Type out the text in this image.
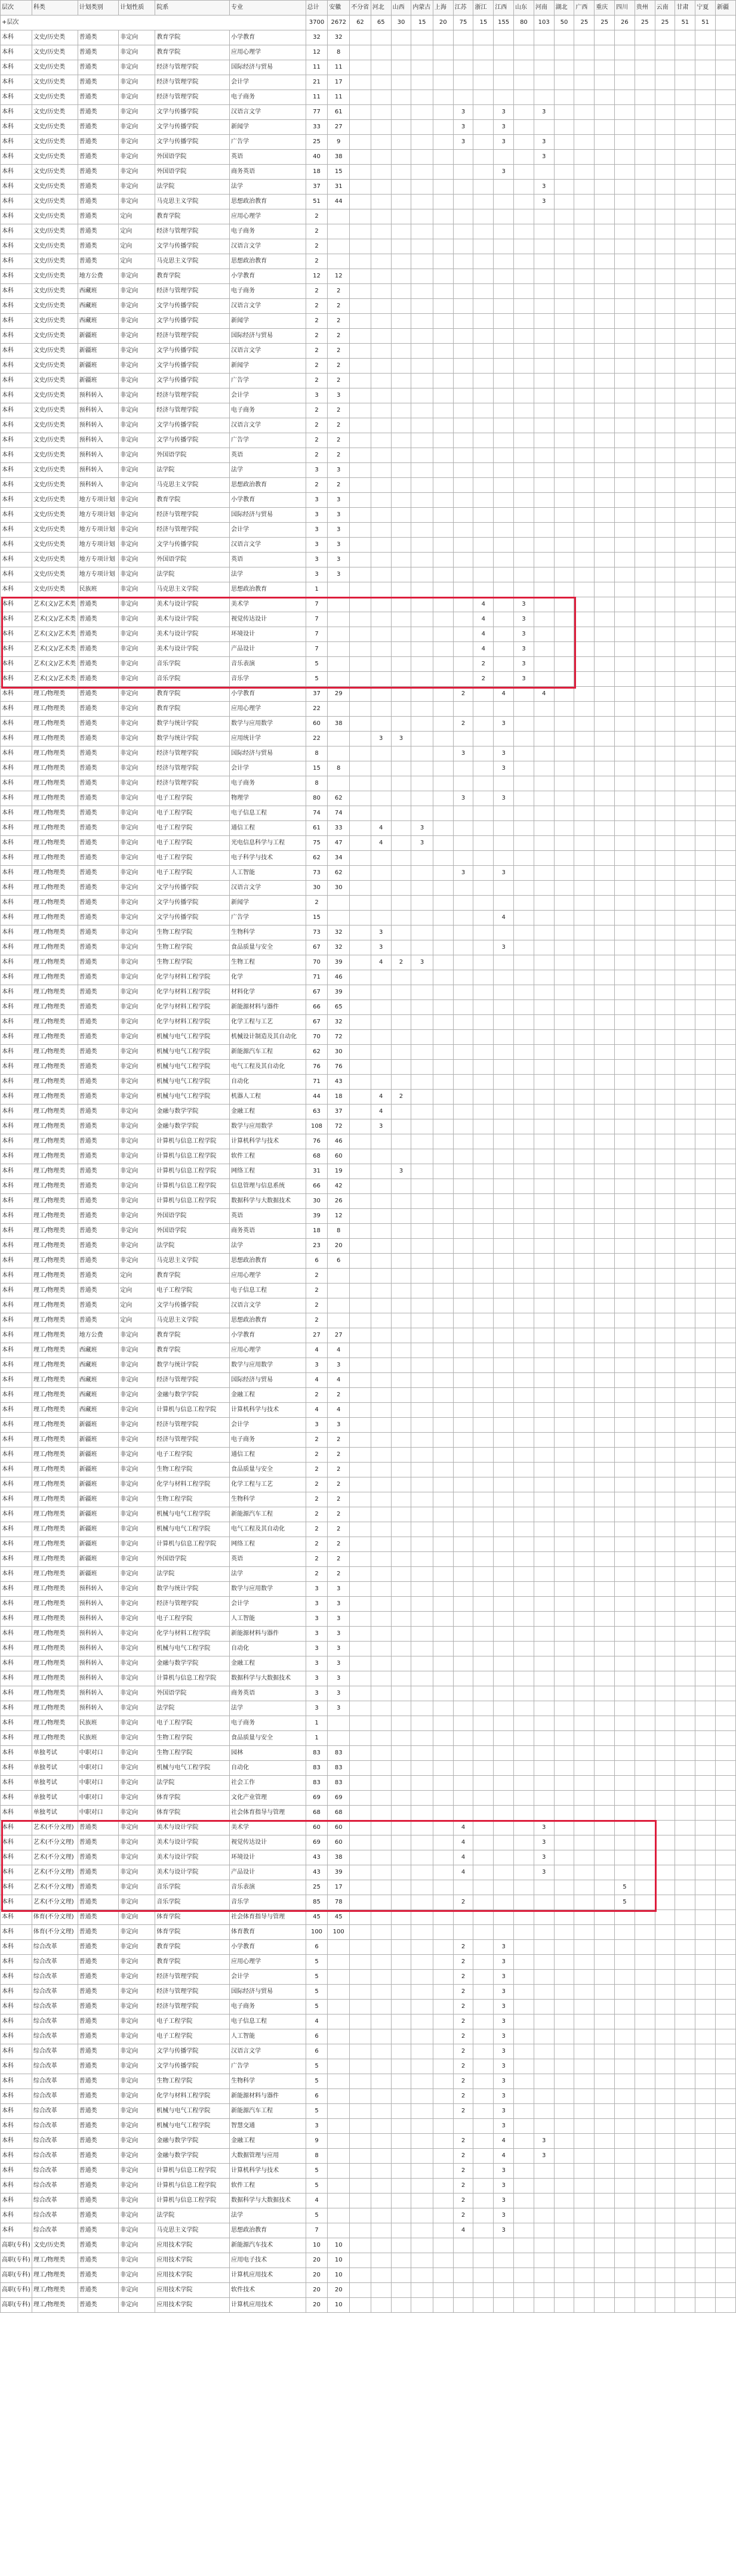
层次	科类	计划类别	计划性质	院系	专业	总计	安徽	不分省	河北	山西	内蒙古	上海	江苏	浙江	江西	山东	河南	湖北	广西	重庆	四川	贵州	云南	甘肃	宁夏	新疆
+层次						3700	2672	62	65	30	15	20	75	15	155	80	103	50	25	25	26	25	25	51	51	
本科	文史/历史类	普通类	非定向	教育学院	小学教育	32	32																			
本科	文史/历史类	普通类	非定向	教育学院	应用心理学	12	8																			
本科	文史/历史类	普通类	非定向	经济与管理学院	国际经济与贸易	11	11																			
本科	文史/历史类	普通类	非定向	经济与管理学院	会计学	21	17																			
本科	文史/历史类	普通类	非定向	经济与管理学院	电子商务	11	11																			
本科	文史/历史类	普通类	非定向	文学与传播学院	汉语言文学	77	61						3		3		3									
本科	文史/历史类	普通类	非定向	文学与传播学院	新闻学	33	27						3		3											
本科	文史/历史类	普通类	非定向	文学与传播学院	广告学	25	9						3		3		3									
本科	文史/历史类	普通类	非定向	外国语学院	英语	40	38										3									
本科	文史/历史类	普通类	非定向	外国语学院	商务英语	18	15								3											
本科	文史/历史类	普通类	非定向	法学院	法学	37	31										3									
本科	文史/历史类	普通类	非定向	马克思主义学院	思想政治教育	51	44										3									
本科	文史/历史类	普通类	定向	教育学院	应用心理学	2																				
本科	文史/历史类	普通类	定向	经济与管理学院	电子商务	2																				
本科	文史/历史类	普通类	定向	文学与传播学院	汉语言文学	2																				
本科	文史/历史类	普通类	定向	马克思主义学院	思想政治教育	2																				
本科	文史/历史类	地方公费	非定向	教育学院	小学教育	12	12																			
本科	文史/历史类	西藏班	非定向	经济与管理学院	电子商务	2	2																			
本科	文史/历史类	西藏班	非定向	文学与传播学院	汉语言文学	2	2																			
本科	文史/历史类	西藏班	非定向	文学与传播学院	新闻学	2	2																			
本科	文史/历史类	新疆班	非定向	经济与管理学院	国际经济与贸易	2	2																			
本科	文史/历史类	新疆班	非定向	文学与传播学院	汉语言文学	2	2																			
本科	文史/历史类	新疆班	非定向	文学与传播学院	新闻学	2	2																			
本科	文史/历史类	新疆班	非定向	文学与传播学院	广告学	2	2																			
本科	文史/历史类	预科转入	非定向	经济与管理学院	会计学	3	3																			
本科	文史/历史类	预科转入	非定向	经济与管理学院	电子商务	2	2																			
本科	文史/历史类	预科转入	非定向	文学与传播学院	汉语言文学	2	2																			
本科	文史/历史类	预科转入	非定向	文学与传播学院	广告学	2	2																			
本科	文史/历史类	预科转入	非定向	外国语学院	英语	2	2																			
本科	文史/历史类	预科转入	非定向	法学院	法学	3	3																			
本科	文史/历史类	预科转入	非定向	马克思主义学院	思想政治教育	2	2																			
本科	文史/历史类	地方专项计划	非定向	教育学院	小学教育	3	3																			
本科	文史/历史类	地方专项计划	非定向	经济与管理学院	国际经济与贸易	3	3																			
本科	文史/历史类	地方专项计划	非定向	经济与管理学院	会计学	3	3																			
本科	文史/历史类	地方专项计划	非定向	文学与传播学院	汉语言文学	3	3																			
本科	文史/历史类	地方专项计划	非定向	外国语学院	英语	3	3																			
本科	文史/历史类	地方专项计划	非定向	法学院	法学	3	3																			
本科	文史/历史类	民族班	非定向	马克思主义学院	思想政治教育	1																				
本科	艺术(文)/艺术类	普通类	非定向	美术与设计学院	美术学	7								4		3										
本科	艺术(文)/艺术类	普通类	非定向	美术与设计学院	视觉传达设计	7								4		3										
本科	艺术(文)/艺术类	普通类	非定向	美术与设计学院	环境设计	7								4		3										
本科	艺术(文)/艺术类	普通类	非定向	美术与设计学院	产品设计	7								4		3										
本科	艺术(文)/艺术类	普通类	非定向	音乐学院	音乐表演	5								2		3										
本科	艺术(文)/艺术类	普通类	非定向	音乐学院	音乐学	5								2		3										
本科	理工/物理类	普通类	非定向	教育学院	小学教育	37	29						2		4		4									
本科	理工/物理类	普通类	非定向	教育学院	应用心理学	22																				
本科	理工/物理类	普通类	非定向	数学与统计学院	数学与应用数学	60	38						2		3											
本科	理工/物理类	普通类	非定向	数学与统计学院	应用统计学	22			3	3																
本科	理工/物理类	普通类	非定向	经济与管理学院	国际经济与贸易	8							3		3											
本科	理工/物理类	普通类	非定向	经济与管理学院	会计学	15	8								3											
本科	理工/物理类	普通类	非定向	经济与管理学院	电子商务	8																				
本科	理工/物理类	普通类	非定向	电子工程学院	物理学	80	62						3		3											
本科	理工/物理类	普通类	非定向	电子工程学院	电子信息工程	74	74																			
本科	理工/物理类	普通类	非定向	电子工程学院	通信工程	61	33		4		3															
本科	理工/物理类	普通类	非定向	电子工程学院	光电信息科学与工程	75	47		4		3															
本科	理工/物理类	普通类	非定向	电子工程学院	电子科学与技术	62	34																			
本科	理工/物理类	普通类	非定向	电子工程学院	人工智能	73	62						3		3											
本科	理工/物理类	普通类	非定向	文学与传播学院	汉语言文学	30	30																			
本科	理工/物理类	普通类	非定向	文学与传播学院	新闻学	2																				
本科	理工/物理类	普通类	非定向	文学与传播学院	广告学	15									4											
本科	理工/物理类	普通类	非定向	生物工程学院	生物科学	73	32		3																	
本科	理工/物理类	普通类	非定向	生物工程学院	食品质量与安全	67	32		3						3											
本科	理工/物理类	普通类	非定向	生物工程学院	生物工程	70	39		4	2	3															
本科	理工/物理类	普通类	非定向	化学与材料工程学院	化学	71	46																			
本科	理工/物理类	普通类	非定向	化学与材料工程学院	材料化学	67	39																			
本科	理工/物理类	普通类	非定向	化学与材料工程学院	新能源材料与器件	66	65																			
本科	理工/物理类	普通类	非定向	化学与材料工程学院	化学工程与工艺	67	32																			
本科	理工/物理类	普通类	非定向	机械与电气工程学院	机械设计制造及其自动化	70	72																			
本科	理工/物理类	普通类	非定向	机械与电气工程学院	新能源汽车工程	62	30																			
本科	理工/物理类	普通类	非定向	机械与电气工程学院	电气工程及其自动化	76	76																			
本科	理工/物理类	普通类	非定向	机械与电气工程学院	自动化	71	43																			
本科	理工/物理类	普通类	非定向	机械与电气工程学院	机器人工程	44	18		4	2																
本科	理工/物理类	普通类	非定向	金融与数学学院	金融工程	63	37		4																	
本科	理工/物理类	普通类	非定向	金融与数学学院	数学与应用数学	108	72		3																	
本科	理工/物理类	普通类	非定向	计算机与信息工程学院	计算机科学与技术	76	46																			
本科	理工/物理类	普通类	非定向	计算机与信息工程学院	软件工程	68	60																			
本科	理工/物理类	普通类	非定向	计算机与信息工程学院	网络工程	31	19			3																
本科	理工/物理类	普通类	非定向	计算机与信息工程学院	信息管理与信息系统	66	42																			
本科	理工/物理类	普通类	非定向	计算机与信息工程学院	数据科学与大数据技术	30	26																			
本科	理工/物理类	普通类	非定向	外国语学院	英语	39	12																			
本科	理工/物理类	普通类	非定向	外国语学院	商务英语	18	8																			
本科	理工/物理类	普通类	非定向	法学院	法学	23	20																			
本科	理工/物理类	普通类	非定向	马克思主义学院	思想政治教育	6	6																			
本科	理工/物理类	普通类	定向	教育学院	应用心理学	2																				
本科	理工/物理类	普通类	定向	电子工程学院	电子信息工程	2																				
本科	理工/物理类	普通类	定向	文学与传播学院	汉语言文学	2																				
本科	理工/物理类	普通类	定向	马克思主义学院	思想政治教育	2																				
本科	理工/物理类	地方公费	非定向	教育学院	小学教育	27	27																			
本科	理工/物理类	西藏班	非定向	教育学院	应用心理学	4	4																			
本科	理工/物理类	西藏班	非定向	数学与统计学院	数学与应用数学	3	3																			
本科	理工/物理类	西藏班	非定向	经济与管理学院	国际经济与贸易	4	4																			
本科	理工/物理类	西藏班	非定向	金融与数学学院	金融工程	2	2																			
本科	理工/物理类	西藏班	非定向	计算机与信息工程学院	计算机科学与技术	4	4																			
本科	理工/物理类	新疆班	非定向	经济与管理学院	会计学	3	3																			
本科	理工/物理类	新疆班	非定向	经济与管理学院	电子商务	2	2																			
本科	理工/物理类	新疆班	非定向	电子工程学院	通信工程	2	2																			
本科	理工/物理类	新疆班	非定向	生物工程学院	食品质量与安全	2	2																			
本科	理工/物理类	新疆班	非定向	化学与材料工程学院	化学工程与工艺	2	2																			
本科	理工/物理类	新疆班	非定向	生物工程学院	生物科学	2	2																			
本科	理工/物理类	新疆班	非定向	机械与电气工程学院	新能源汽车工程	2	2																			
本科	理工/物理类	新疆班	非定向	机械与电气工程学院	电气工程及其自动化	2	2																			
本科	理工/物理类	新疆班	非定向	计算机与信息工程学院	网络工程	2	2																			
本科	理工/物理类	新疆班	非定向	外国语学院	英语	2	2																			
本科	理工/物理类	新疆班	非定向	法学院	法学	2	2																			
本科	理工/物理类	预科转入	非定向	数学与统计学院	数学与应用数学	3	3																			
本科	理工/物理类	预科转入	非定向	经济与管理学院	会计学	3	3																			
本科	理工/物理类	预科转入	非定向	电子工程学院	人工智能	3	3																			
本科	理工/物理类	预科转入	非定向	化学与材料工程学院	新能源材料与器件	3	3																			
本科	理工/物理类	预科转入	非定向	机械与电气工程学院	自动化	3	3																			
本科	理工/物理类	预科转入	非定向	金融与数学学院	金融工程	3	3																			
本科	理工/物理类	预科转入	非定向	计算机与信息工程学院	数据科学与大数据技术	3	3																			
本科	理工/物理类	预科转入	非定向	外国语学院	商务英语	3	3																			
本科	理工/物理类	预科转入	非定向	法学院	法学	3	3																			
本科	理工/物理类	民族班	非定向	电子工程学院	电子商务	1																				
本科	理工/物理类	民族班	非定向	生物工程学院	食品质量与安全	1																				
本科	单独考试	中职对口	非定向	生物工程学院	园林	83	83																			
本科	单独考试	中职对口	非定向	机械与电气工程学院	自动化	83	83																			
本科	单独考试	中职对口	非定向	法学院	社会工作	83	83																			
本科	单独考试	中职对口	非定向	体育学院	文化产业管理	69	69																			
本科	单独考试	中职对口	非定向	体育学院	社会体育指导与管理	68	68																			
本科	艺术(不分文理)	普通类	非定向	美术与设计学院	美术学	60	60						4				3									
本科	艺术(不分文理)	普通类	非定向	美术与设计学院	视觉传达设计	69	60						4				3									
本科	艺术(不分文理)	普通类	非定向	美术与设计学院	环境设计	43	38						4				3									
本科	艺术(不分文理)	普通类	非定向	美术与设计学院	产品设计	43	39						4				3									
本科	艺术(不分文理)	普通类	非定向	音乐学院	音乐表演	25	17														5					
本科	艺术(不分文理)	普通类	非定向	音乐学院	音乐学	85	78						2								5					
本科	体育(不分文理)	普通类	非定向	体育学院	社会体育指导与管理	45	45																			
本科	体育(不分文理)	普通类	非定向	体育学院	体育教育	100	100																			
本科	综合改革	普通类	非定向	教育学院	小学教育	6							2		3											
本科	综合改革	普通类	非定向	教育学院	应用心理学	5							2		3											
本科	综合改革	普通类	非定向	经济与管理学院	会计学	5							2		3											
本科	综合改革	普通类	非定向	经济与管理学院	国际经济与贸易	5							2		3											
本科	综合改革	普通类	非定向	经济与管理学院	电子商务	5							2		3											
本科	综合改革	普通类	非定向	电子工程学院	电子信息工程	4							2		3											
本科	综合改革	普通类	非定向	电子工程学院	人工智能	6							2		3											
本科	综合改革	普通类	非定向	文学与传播学院	汉语言文学	6							2		3											
本科	综合改革	普通类	非定向	文学与传播学院	广告学	5							2		3											
本科	综合改革	普通类	非定向	生物工程学院	生物科学	5							2		3											
本科	综合改革	普通类	非定向	化学与材料工程学院	新能源材料与器件	6							2		3											
本科	综合改革	普通类	非定向	机械与电气工程学院	新能源汽车工程	5							2		3											
本科	综合改革	普通类	非定向	机械与电气工程学院	智慧交通	3									3											
本科	综合改革	普通类	非定向	金融与数学学院	金融工程	9							2		4		3									
本科	综合改革	普通类	非定向	金融与数学学院	大数据管理与应用	8							2		4		3									
本科	综合改革	普通类	非定向	计算机与信息工程学院	计算机科学与技术	5							2		3											
本科	综合改革	普通类	非定向	计算机与信息工程学院	软件工程	5							2		3											
本科	综合改革	普通类	非定向	计算机与信息工程学院	数据科学与大数据技术	4							2		3											
本科	综合改革	普通类	非定向	法学院	法学	5							2		3											
本科	综合改革	普通类	非定向	马克思主义学院	思想政治教育	7							4		3											
高职(专科)	文史/历史类	普通类	非定向	应用技术学院	新能源汽车技术	10	10																			
高职(专科)	理工/物理类	普通类	非定向	应用技术学院	应用电子技术	20	10																			
高职(专科)	理工/物理类	普通类	非定向	应用技术学院	计算机应用技术	20	10																			
高职(专科)	理工/物理类	普通类	非定向	应用技术学院	软件技术	20	20																			
高职(专科)	理工/物理类	普通类	非定向	应用技术学院	计算机应用技术	20	10																			
